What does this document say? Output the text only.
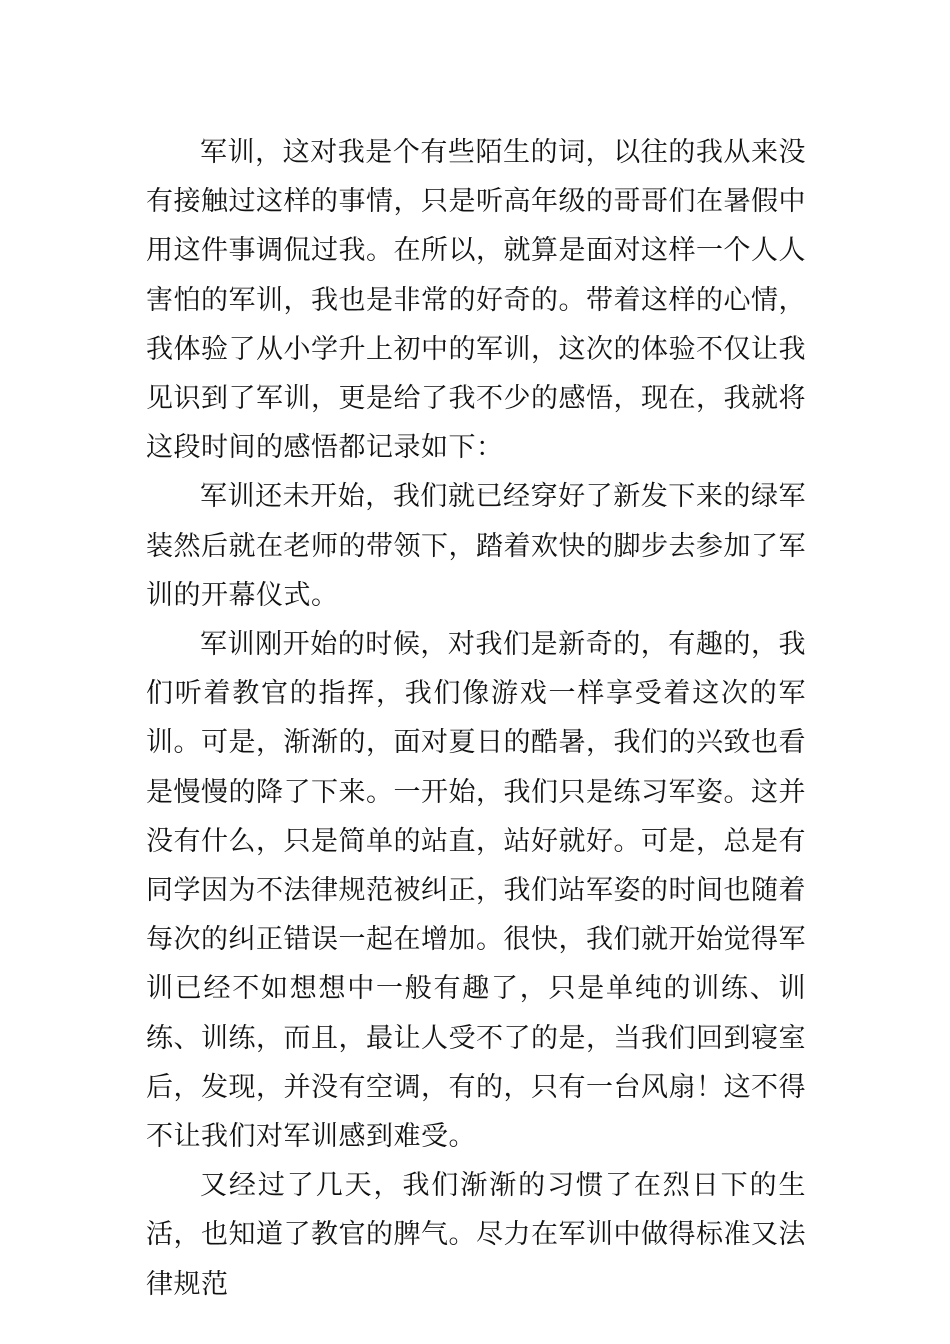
军训，这对我是个有些陌生的词，以往的我从来没有接触过这样的事情，只是听高年级的哥哥们在暑假中用这件事调侃过我。在所以，就算是面对这样一个人人害怕的军训，我也是非常的好奇的。带着这样的心情，我体验了从小学升上初中的军训，这次的体验不仅让我见识到了军训，更是给了我不少的感悟，现在，我就将这段时间的感悟都记录如下：

军训还未开始，我们就已经穿好了新发下来的绿军装然后就在老师的带领下，踏着欢快的脚步去参加了军训的开幕仪式。

军训刚开始的时候，对我们是新奇的，有趣的，我们听着教官的指挥，我们像游戏一样享受着这次的军训。可是，渐渐的，面对夏日的酷暑，我们的兴致也看是慢慢的降了下来。一开始，我们只是练习军姿。这并没有什么，只是简单的站直，站好就好。可是，总是有同学因为不法律规范被纠正，我们站军姿的时间也随着每次的纠正错误一起在增加。很快，我们就开始觉得军训已经不如想想中一般有趣了，只是单纯的训练、训练、训练，而且，最让人受不了的是，当我们回到寝室后，发现，并没有空调，有的，只有一台风扇！这不得不让我们对军训感到难受。

又经过了几天，我们渐渐的习惯了在烈日下的生活，也知道了教官的脾气。尽力在军训中做得标准又法律规范
